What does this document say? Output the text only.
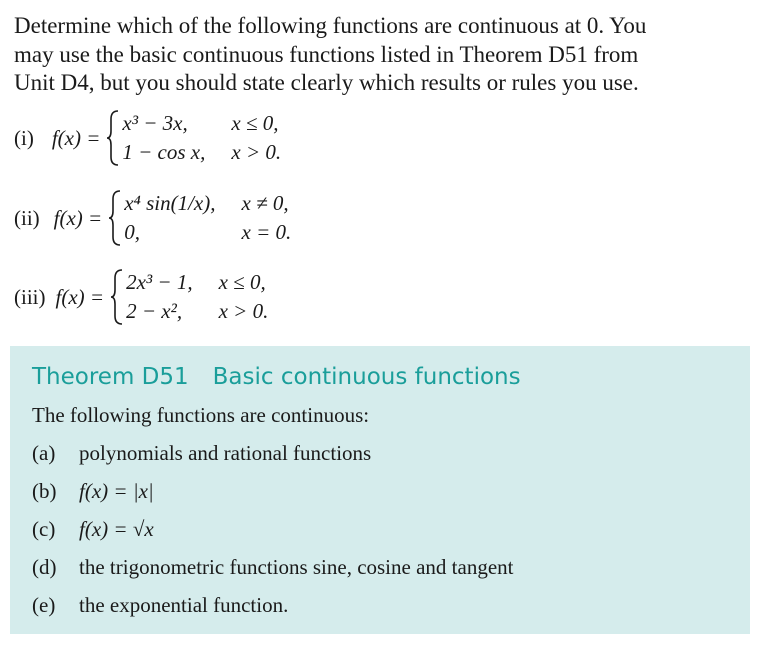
Determine which of the following functions are continuous at 0. You
may use the basic continuous functions listed in Theorem D51 from
Unit D4, but you should state clearly which results or rules you use.
(i) f(x) =
x³ − 3x,	x ≤ 0,
1 − cos x, x > 0.
(ii) f(x) =
x⁴ sin(1/x), x ≠ 0,
0,	x = 0.
(iii) f(x) =
2x³ − 1, x ≤ 0,
2 − x²,	x > 0.
Theorem D51 Basic continuous functions
The following functions are continuous:
(a)	polynomials and rational functions
(b)	f(x) = |x|
(c)	f(x) = √x
(d)	the trigonometric functions sine, cosine and tangent
(e)	the exponential function.
